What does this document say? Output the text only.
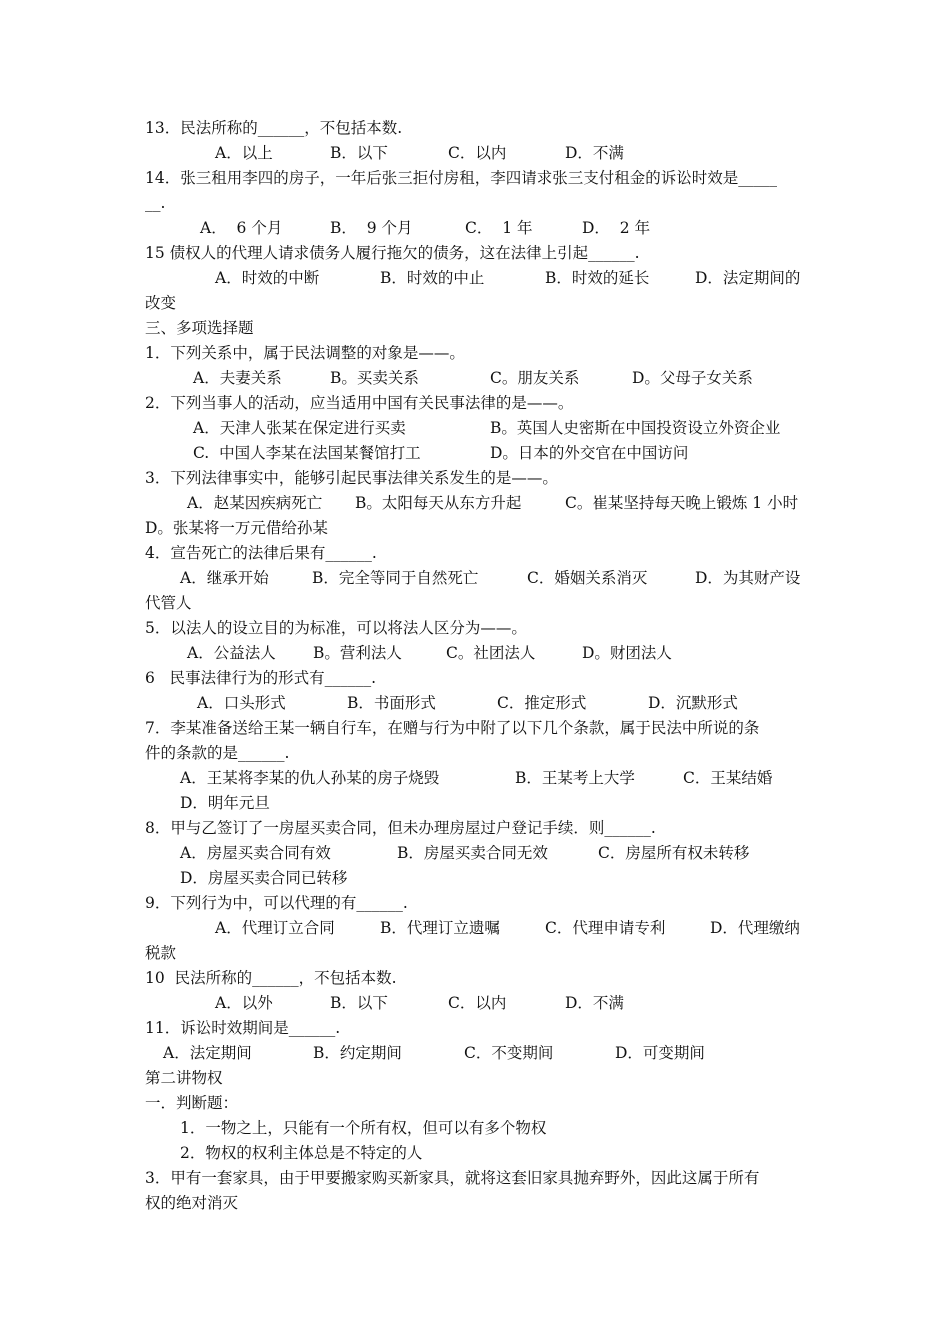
13．民法所称的______，不包括本数.
A．以上	B．以下	C．以内	D．不满
14．张三租用李四的房子，一年后张三拒付房租，李四请求张三支付租金的诉讼时效是_____
__.
A．  6 个月	B．  9 个月	C．  1 年	D．  2 年
15 债权人的代理人请求债务人履行拖欠的债务，这在法律上引起______.
A．时效的中断	B．时效的中止	B．时效的延长	D．法定期间的
改变
三、多项选择题
1．下列关系中，属于民法调整的对象是——。
A．夫妻关系	B。买卖关系	C。朋友关系	D。父母子女关系
2．下列当事人的活动，应当适用中国有关民事法律的是——。
A．天津人张某在保定进行买卖	B。英国人史密斯在中国投资设立外资企业
C.  中国人李某在法国某餐馆打工	D。日本的外交官在中国访问
3．下列法律事实中，能够引起民事法律关系发生的是——。
A．赵某因疾病死亡 B。太阳每天从东方升起	C。崔某坚持每天晚上锻炼 1 小时
D。张某将一万元借给孙某
4．宣告死亡的法律后果有______.
A．继承开始	B．完全等同于自然死亡	C．婚姻关系消灭	D．为其财产设
代管人
5．以法人的设立目的为标准，可以将法人区分为——。
A．公益法人 B。营利法人	C。社团法人	D。财团法人
6   民事法律行为的形式有______.
A．口头形式	B．书面形式	C．推定形式	D．沉默形式
7．李某准备送给王某一辆自行车，在赠与行为中附了以下几个条款，属于民法中所说的条
件的条款的是______.
A．王某将李某的仇人孙某的房子烧毁	B．王某考上大学	C．王某结婚
D．明年元旦
8．甲与乙签订了一房屋买卖合同，但未办理房屋过户登记手续．则______.
A．房屋买卖合同有效	B．房屋买卖合同无效	C．房屋所有权未转移
D．房屋买卖合同已转移
9．下列行为中，可以代理的有______.
A．代理订立合同	B．代理订立遗嘱	C．代理申请专利	D．代理缴纳
税款
10  民法所称的______，不包括本数.
A．以外	B．以下	C．以内	D．不满
11．诉讼时效期间是______.
A．法定期间	B．约定期间	C．不变期间	D．可变期间
第二讲物权
一．判断题：
1．一物之上，只能有一个所有权，但可以有多个物权
2．物权的权利主体总是不特定的人
3．甲有一套家具，由于甲要搬家购买新家具，就将这套旧家具抛弃野外，因此这属于所有
权的绝对消灭
